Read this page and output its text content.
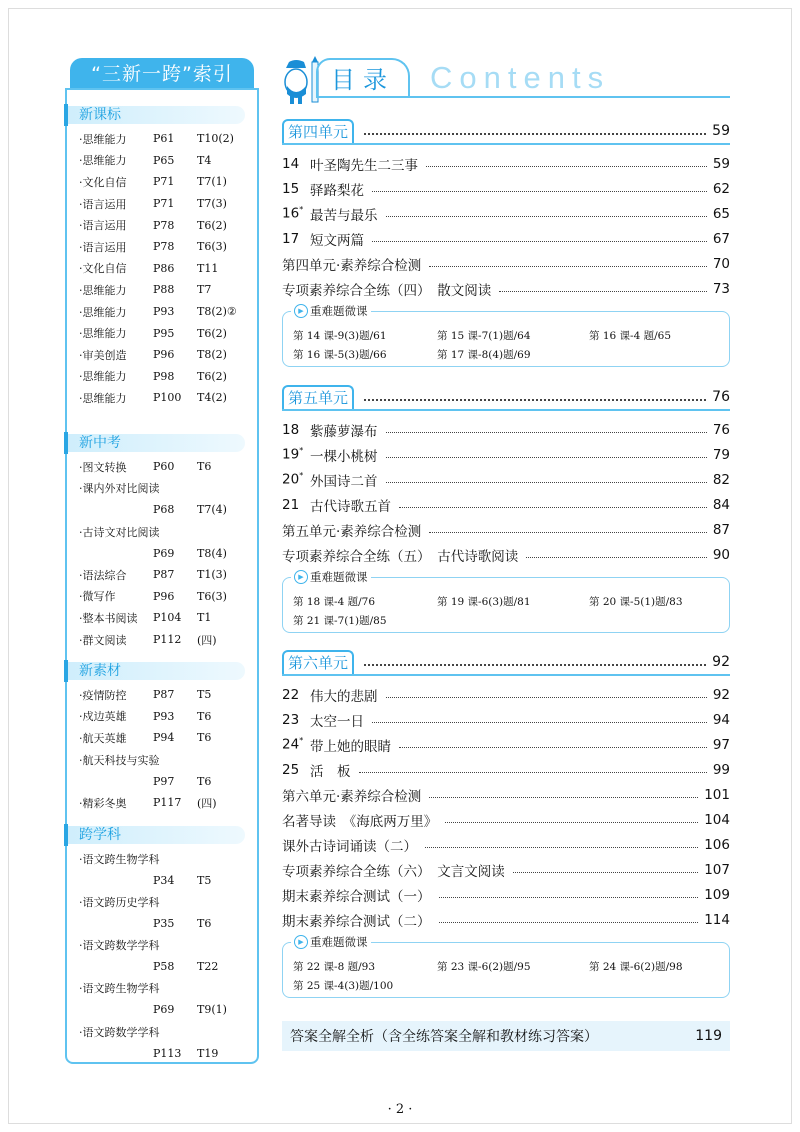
“三新一跨”索引
新课标
·思维能力	P61	T10(2)
·思维能力	P65	T4
·文化自信	P71	T7(1)
·语言运用	P71	T7(3)
·语言运用	P78	T6(2)
·语言运用	P78	T6(3)
·文化自信	P86	T11
·思维能力	P88	T7
·思维能力	P93	T8(2)②
·思维能力	P95	T6(2)
·审美创造	P96	T8(2)
·思维能力	P98	T6(2)
·思维能力	P100	T4(2)
新中考
·图文转换	P60	T6
·课内外对比阅读
P68	T7(4)
·古诗文对比阅读
P69	T8(4)
·语法综合	P87	T1(3)
·微写作	P96	T6(3)
·整本书阅读	P104	T1
·群文阅读	P112	(四)
新素材
·疫情防控	P87	T5
·戍边英雄	P93	T6
·航天英雄	P94	T6
·航天科技与实验
P97	T6
·精彩冬奥	P117	(四)
跨学科
·语文跨生物学科
P34	T5
·语文跨历史学科
P35	T6
·语文跨数学学科
P58	T22
·语文跨生物学科
P69	T9(1)
·语文跨数学学科
P113	T19
目录	Contents
第四单元	59
14 叶圣陶先生二三事	59
15 驿路梨花	62
16* 最苦与最乐	65
17 短文两篇	67
第四单元·素养综合检测	70
专项素养综合全练（四）　散文阅读	73
▶ 重难题微课
第 14 课-9(3)题/61	第 15 课-7(1)题/64	第 16 课-4 题/65
第 16 课-5(3)题/66	第 17 课-8(4)题/69
第五单元	76
18 紫藤萝瀑布	76
19* 一棵小桃树	79
20* 外国诗二首	82
21 古代诗歌五首	84
第五单元·素养综合检测	87
专项素养综合全练（五）　古代诗歌阅读	90
▶ 重难题微课
第 18 课-4 题/76	第 19 课-6(3)题/81	第 20 课-5(1)题/83
第 21 课-7(1)题/85
第六单元	92
22 伟大的悲剧	92
23 太空一日	94
24* 带上她的眼睛	97
25 活　板	99
第六单元·素养综合检测	101
名著导读　《海底两万里》	104
课外古诗词诵读（二）	106
专项素养综合全练（六）　文言文阅读	107
期末素养综合测试（一）	109
期末素养综合测试（二）	114
▶ 重难题微课
第 22 课-8 题/93	第 23 课-6(2)题/95	第 24 课-6(2)题/98
第 25 课-4(3)题/100
答案全解全析（含全练答案全解和教材练习答案）	119
· 2 ·
